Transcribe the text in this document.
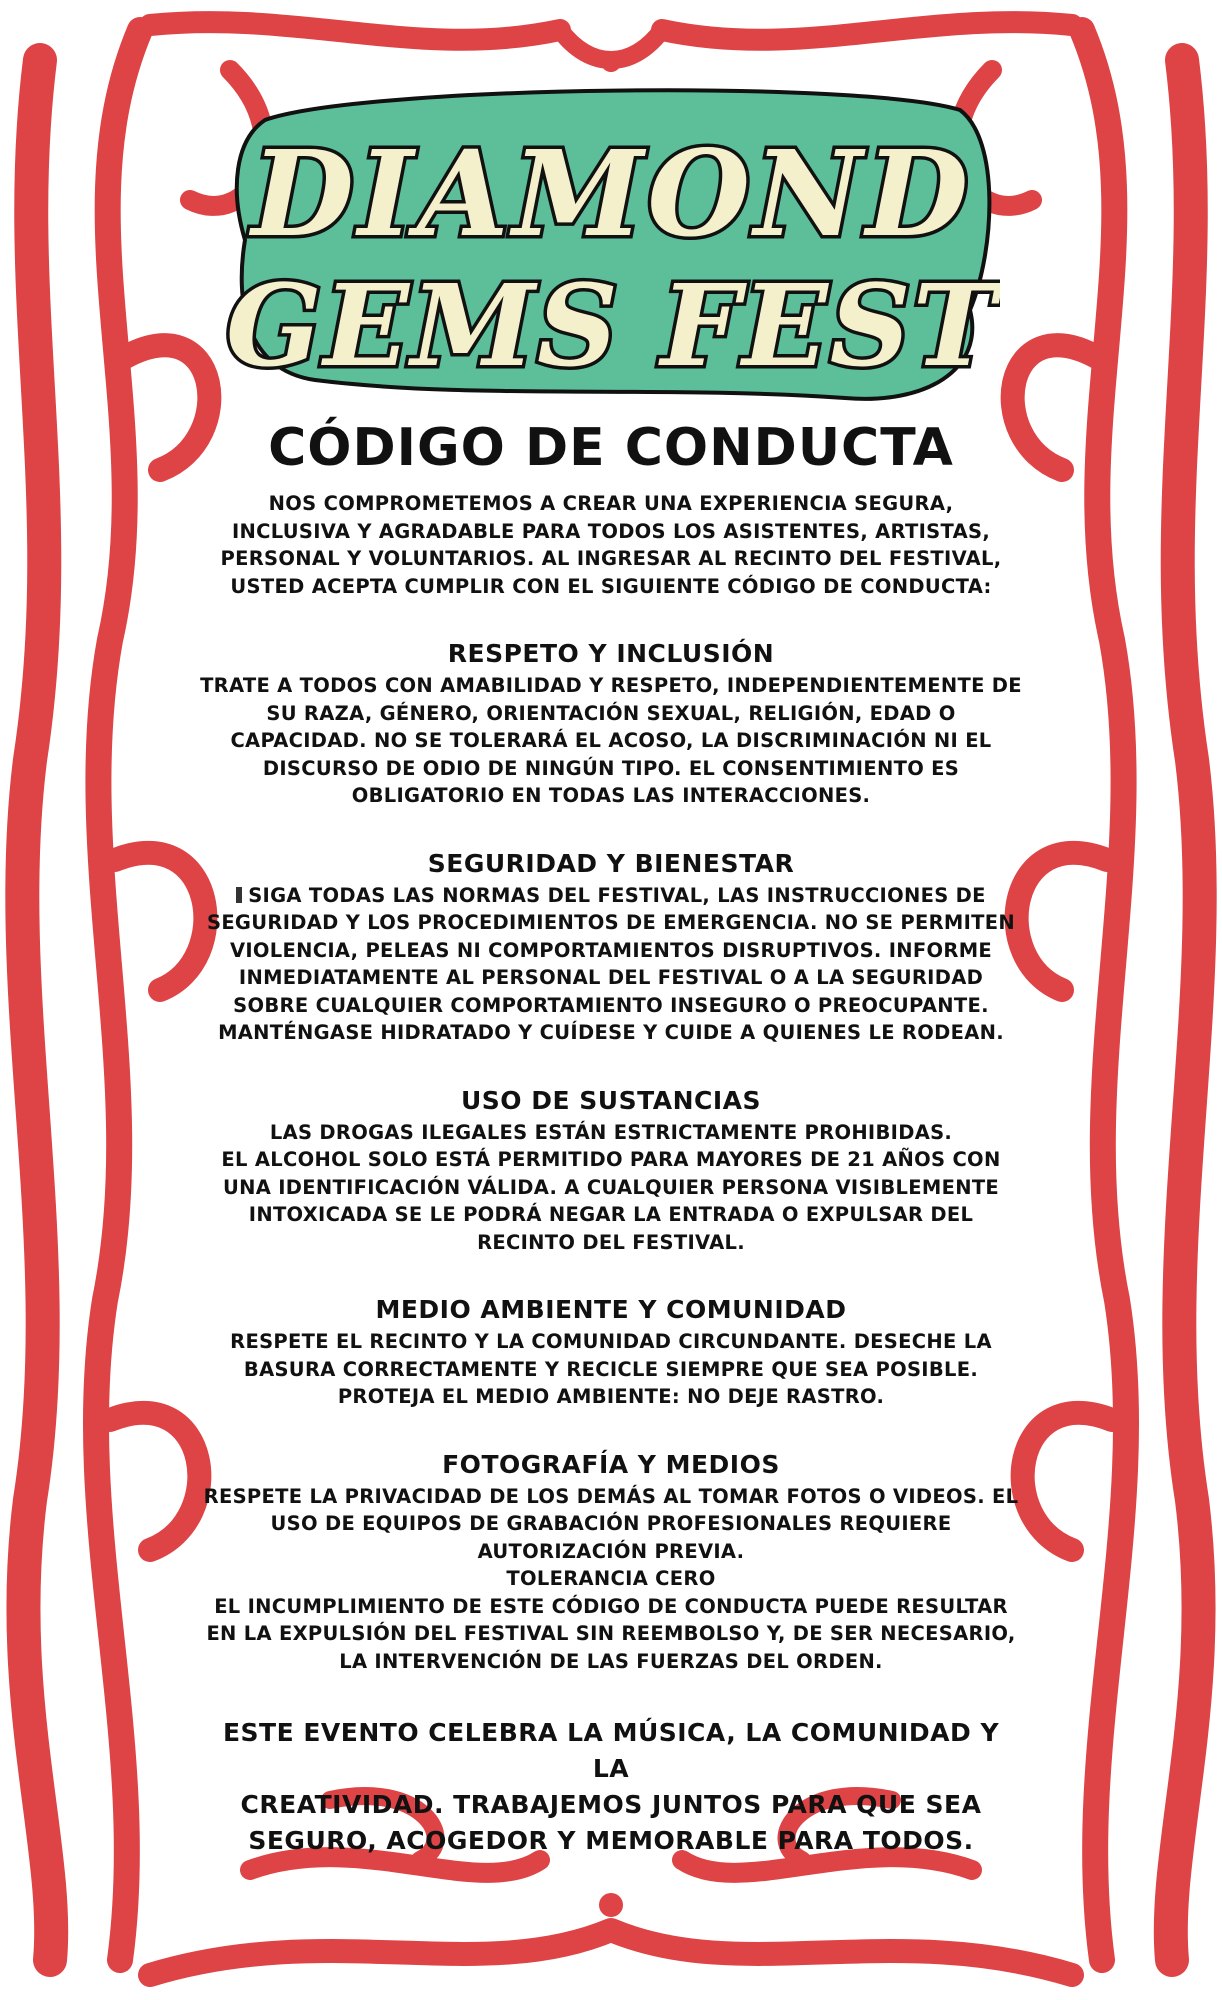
DIAMOND
GEMS FEST
CÓDIGO DE CONDUCTA

NOS COMPROMETEMOS A CREAR UNA EXPERIENCIA SEGURA,
INCLUSIVA Y AGRADABLE PARA TODOS LOS ASISTENTES, ARTISTAS,
PERSONAL Y VOLUNTARIOS. AL INGRESAR AL RECINTO DEL FESTIVAL,
USTED ACEPTA CUMPLIR CON EL SIGUIENTE CÓDIGO DE CONDUCTA:

RESPETO Y INCLUSIÓN

TRATE A TODOS CON AMABILIDAD Y RESPETO, INDEPENDIENTEMENTE DE
SU RAZA, GÉNERO, ORIENTACIÓN SEXUAL, RELIGIÓN, EDAD O
CAPACIDAD. NO SE TOLERARÁ EL ACOSO, LA DISCRIMINACIÓN NI EL
DISCURSO DE ODIO DE NINGÚN TIPO. EL CONSENTIMIENTO ES
OBLIGATORIO EN TODAS LAS INTERACCIONES.

SEGURIDAD Y BIENESTAR

SIGA TODAS LAS NORMAS DEL FESTIVAL, LAS INSTRUCCIONES DE
SEGURIDAD Y LOS PROCEDIMIENTOS DE EMERGENCIA. NO SE PERMITEN
VIOLENCIA, PELEAS NI COMPORTAMIENTOS DISRUPTIVOS. INFORME
INMEDIATAMENTE AL PERSONAL DEL FESTIVAL O A LA SEGURIDAD
SOBRE CUALQUIER COMPORTAMIENTO INSEGURO O PREOCUPANTE.
MANTÉNGASE HIDRATADO Y CUÍDESE Y CUIDE A QUIENES LE RODEAN.

USO DE SUSTANCIAS

LAS DROGAS ILEGALES ESTÁN ESTRICTAMENTE PROHIBIDAS.
EL ALCOHOL SOLO ESTÁ PERMITIDO PARA MAYORES DE 21 AÑOS CON
UNA IDENTIFICACIÓN VÁLIDA. A CUALQUIER PERSONA VISIBLEMENTE
INTOXICADA SE LE PODRÁ NEGAR LA ENTRADA O EXPULSAR DEL
RECINTO DEL FESTIVAL.

MEDIO AMBIENTE Y COMUNIDAD

RESPETE EL RECINTO Y LA COMUNIDAD CIRCUNDANTE. DESECHE LA
BASURA CORRECTAMENTE Y RECICLE SIEMPRE QUE SEA POSIBLE.
PROTEJA EL MEDIO AMBIENTE: NO DEJE RASTRO.

FOTOGRAFÍA Y MEDIOS

RESPETE LA PRIVACIDAD DE LOS DEMÁS AL TOMAR FOTOS O VIDEOS. EL
USO DE EQUIPOS DE GRABACIÓN PROFESIONALES REQUIERE
AUTORIZACIÓN PREVIA.
TOLERANCIA CERO
EL INCUMPLIMIENTO DE ESTE CÓDIGO DE CONDUCTA PUEDE RESULTAR
EN LA EXPULSIÓN DEL FESTIVAL SIN REEMBOLSO Y, DE SER NECESARIO,
LA INTERVENCIÓN DE LAS FUERZAS DEL ORDEN.

ESTE EVENTO CELEBRA LA MÚSICA, LA COMUNIDAD Y LA
CREATIVIDAD. TRABAJEMOS JUNTOS PARA QUE SEA
SEGURO, ACOGEDOR Y MEMORABLE PARA TODOS.
